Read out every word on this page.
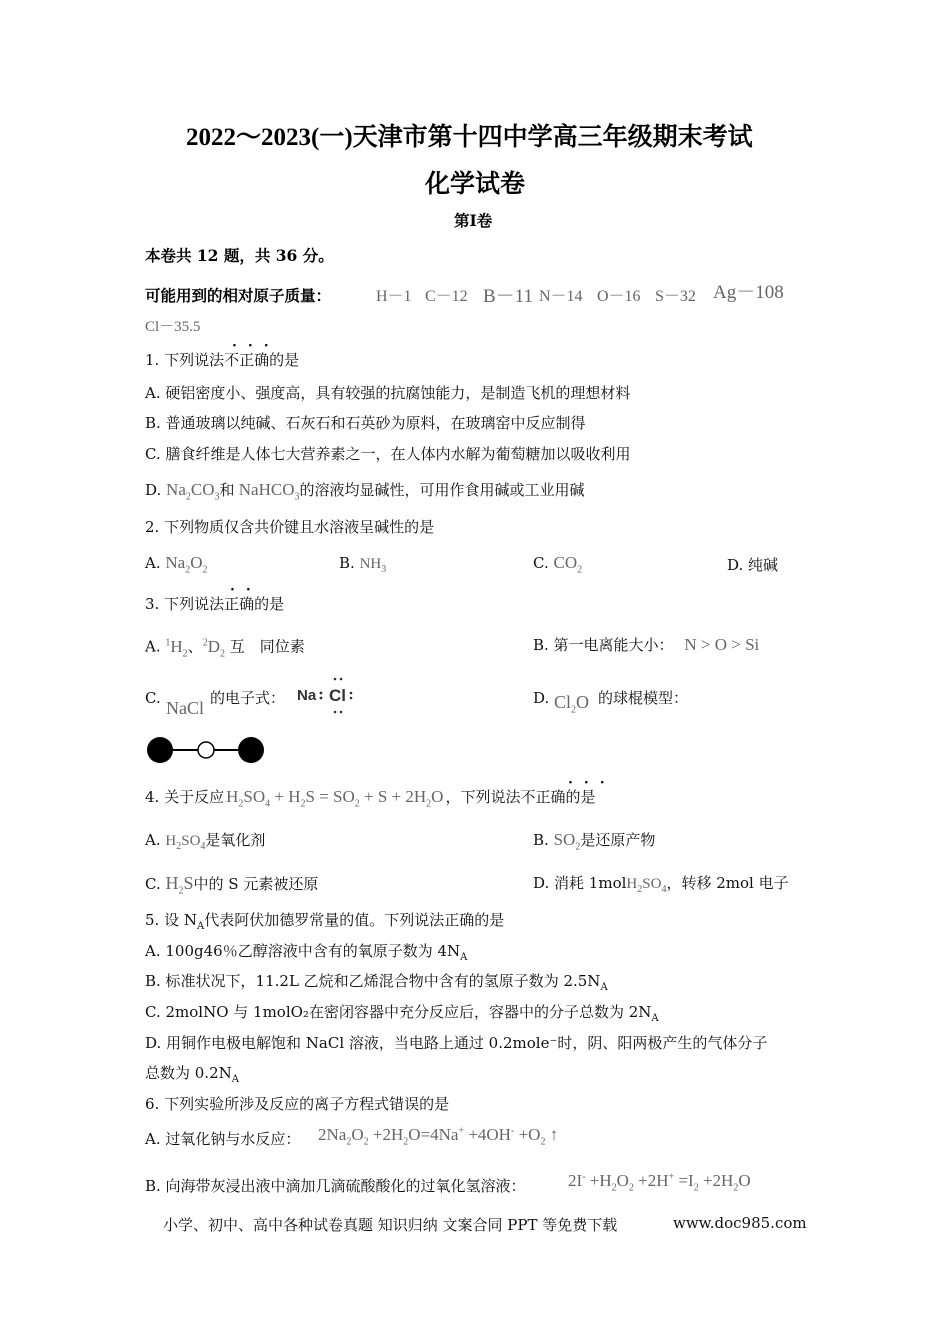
2022～2023(一)天津市第十四中学高三年级期末考试
化学试卷
第Ⅰ卷
本卷共 12 题，共 36 分。
可能用到的相对原子质量：	H－1 C－12 B－11 N－14 O－16 S－32 Ag－108
Cl－35.5
1. 下列说法不正确的是
···
A. 硬铝密度小、强度高，具有较强的抗腐蚀能力，是制造飞机的理想材料
B. 普通玻璃以纯碱、石灰石和石英砂为原料，在玻璃窑中反应制得
C. 膳食纤维是人体七大营养素之一，在人体内水解为葡萄糖加以吸收利用
D. $Na_2CO_3$和 NaHCO$_3$的溶液均显碱性，可用作食用碱或工业用碱
2. 下列物质仅含共价键且水溶液呈碱性的是
A. $Na_2O_2$	B. $NH_3$	C. $CO_2$	D. 纯碱
3. 下列说法正确的是
··
A. $^1H_2$、$^2D_2$ 互　同位素	B. 第一电离能大小： N > O > Si
C. NaCl 的电子式： Na Cl	D. $Cl_2O$ 的球棍模型：
4. 关于反应 $H_2SO_4 + H_2S = SO_2 + S + 2H_2O$ ，下列说法不正确的是
···
A. $H_2SO_4$是氧化剂	B. $SO_2$是还原产物
C. $H_2S$中的 S 元素被还原	D. 消耗 $1molH_2SO_4$，转移 2mol 电子
5. 设 $N_A$代表阿伏加德罗常量的值。下列说法正确的是
A. 100g46％乙醇溶液中含有的氧原子数为 $4N_A$
B. 标准状况下，11.2L 乙烷和乙烯混合物中含有的氢原子数为 $2.5N_A$
C. 2molNO 与 1molO₂在密闭容器中充分反应后，容器中的分子总数为 $2N_A$
D. 用铜作电极电解饱和 NaCl 溶液，当电路上通过 0.2mole⁻时，阴、阳两极产生的气体分子
总数为 $0.2N_A$
6. 下列实验所涉及反应的离子方程式错误的是
A. 过氧化钠与水反应： $2Na_2O_2 +2H_2O=4Na^+ +4OH^- +O_2$ ↑
B. 向海带灰浸出液中滴加几滴硫酸酸化的过氧化氢溶液： $2I^- +H_2O_2 +2H^+ =I_2 +2H_2O$
小学、初中、高中各种试卷真题 知识归纳 文案合同 PPT 等免费下载	www.doc985.com
